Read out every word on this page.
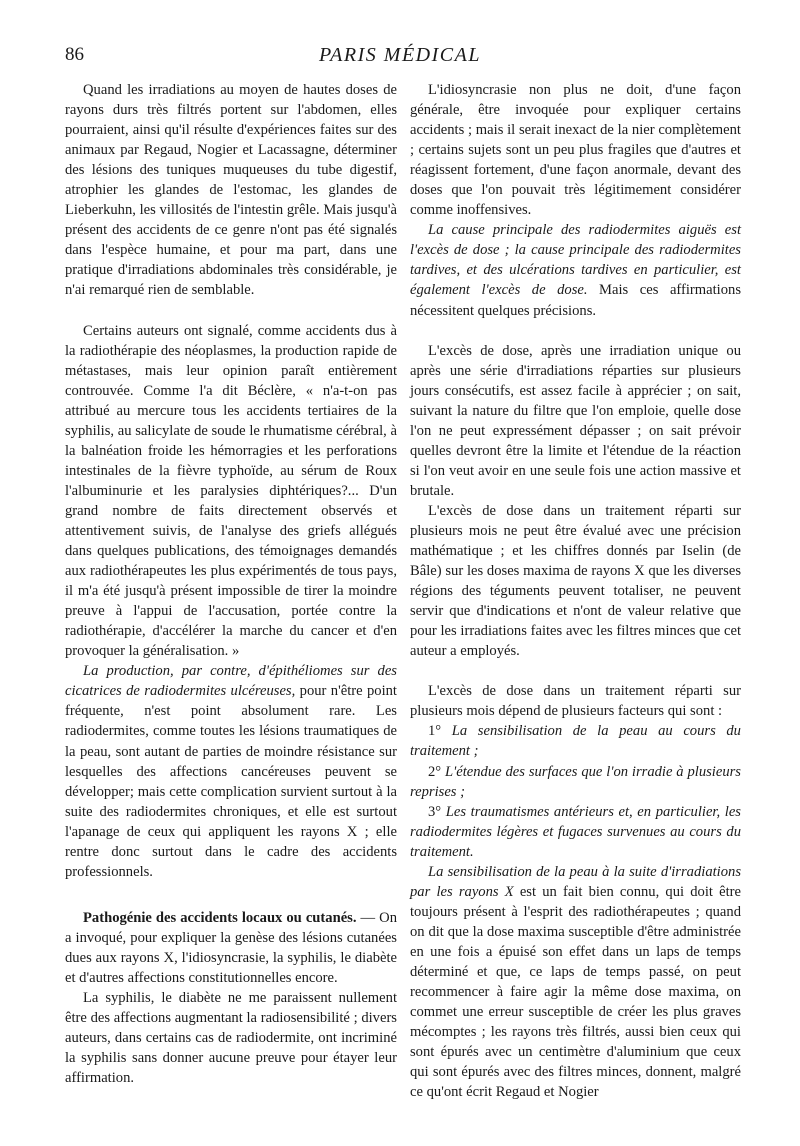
86	PARIS MÉDICAL

Quand les irradiations au moyen de hautes doses de rayons durs très filtrés portent sur l'abdomen, elles pourraient, ainsi qu'il résulte d'expériences faites sur des animaux par Regaud, Nogier et Lacassagne, déterminer des lésions des tuniques muqueuses du tube digestif, atrophier les glandes de l'estomac, les glandes de Lieberkuhn, les villosités de l'intestin grêle. Mais jusqu'à présent des accidents de ce genre n'ont pas été signalés dans l'espèce humaine, et pour ma part, dans une pratique d'irradiations abdominales très considérable, je n'ai remarqué rien de semblable.

Certains auteurs ont signalé, comme accidents dus à la radiothérapie des néoplasmes, la production rapide de métastases, mais leur opinion paraît entièrement controuvée. Comme l'a dit Béclère, « n'a-t-on pas attribué au mercure tous les accidents tertiaires de la syphilis, au salicylate de soude le rhumatisme cérébral, à la balnéation froide les hémorragies et les perforations intestinales de la fièvre typhoïde, au sérum de Roux l'albuminurie et les paralysies diphtériques?... D'un grand nombre de faits directement observés et attentivement suivis, de l'analyse des griefs allégués dans quelques publications, des témoignages demandés aux radiothérapeutes les plus expérimentés de tous pays, il m'a été jusqu'à présent impossible de tirer la moindre preuve à l'appui de l'accusation, portée contre la radiothérapie, d'accélérer la marche du cancer et d'en provoquer la généralisation. »

La production, par contre, d'épithéliomes sur des cicatrices de radiodermites ulcéreuses, pour n'être point fréquente, n'est point absolument rare. Les radiodermites, comme toutes les lésions traumatiques de la peau, sont autant de parties de moindre résistance sur lesquelles des affections cancéreuses peuvent se développer; mais cette complication survient surtout à la suite des radiodermites chroniques, et elle est surtout l'apanage de ceux qui appliquent les rayons X ; elle rentre donc surtout dans le cadre des accidents professionnels.

Pathogénie des accidents locaux ou cutanés. — On a invoqué, pour expliquer la genèse des lésions cutanées dues aux rayons X, l'idiosyncrasie, la syphilis, le diabète et d'autres affections constitutionnelles encore.

La syphilis, le diabète ne me paraissent nullement être des affections augmentant la radiosensibilité ; divers auteurs, dans certains cas de radiodermite, ont incriminé la syphilis sans donner aucune preuve pour étayer leur affirmation.

L'idiosyncrasie non plus ne doit, d'une façon générale, être invoquée pour expliquer certains accidents ; mais il serait inexact de la nier complètement ; certains sujets sont un peu plus fragiles que d'autres et réagissent fortement, d'une façon anormale, devant des doses que l'on pouvait très légitimement considérer comme inoffensives.

La cause principale des radiodermites aiguës est l'excès de dose ; la cause principale des radiodermites tardives, et des ulcérations tardives en particulier, est également l'excès de dose. Mais ces affirmations nécessitent quelques précisions.

L'excès de dose, après une irradiation unique ou après une série d'irradiations réparties sur plusieurs jours consécutifs, est assez facile à apprécier ; on sait, suivant la nature du filtre que l'on emploie, quelle dose l'on ne peut expressément dépasser ; on sait prévoir quelles devront être la limite et l'étendue de la réaction si l'on veut avoir en une seule fois une action massive et brutale.

L'excès de dose dans un traitement réparti sur plusieurs mois ne peut être évalué avec une précision mathématique ; et les chiffres donnés par Iselin (de Bâle) sur les doses maxima de rayons X que les diverses régions des téguments peuvent totaliser, ne peuvent servir que d'indications et n'ont de valeur relative que pour les irradiations faites avec les filtres minces que cet auteur a employés.

L'excès de dose dans un traitement réparti sur plusieurs mois dépend de plusieurs facteurs qui sont :

1° La sensibilisation de la peau au cours du traitement ;

2° L'étendue des surfaces que l'on irradie à plusieurs reprises ;

3° Les traumatismes antérieurs et, en particulier, les radiodermites légères et fugaces survenues au cours du traitement.

La sensibilisation de la peau à la suite d'irradiations par les rayons X est un fait bien connu, qui doit être toujours présent à l'esprit des radiothérapeutes ; quand on dit que la dose maxima susceptible d'être administrée en une fois a épuisé son effet dans un laps de temps déterminé et que, ce laps de temps passé, on peut recommencer à faire agir la même dose maxima, on commet une erreur susceptible de créer les plus graves mécomptes ; les rayons très filtrés, aussi bien ceux qui sont épurés avec un centimètre d'aluminium que ceux qui sont épurés avec des filtres minces, donnent, malgré ce qu'ont écrit Regaud et Nogier
